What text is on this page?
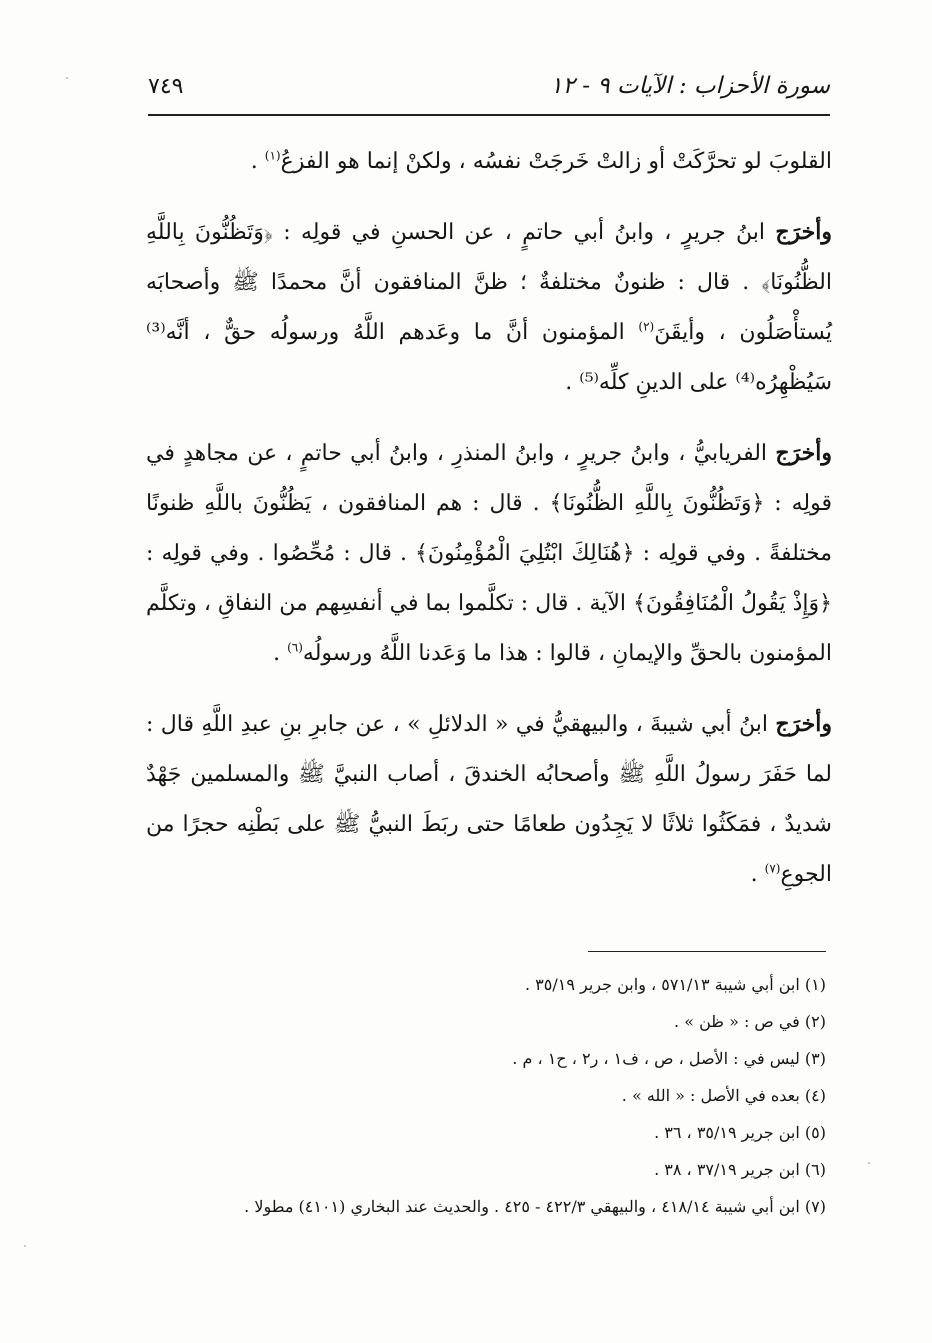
سورة الأحزاب : الآيات ٩ - ١٢
٧٤٩

القلوبَ لو تحرَّكَتْ أو زالتْ خَرجَتْ نفسُه ، ولكنْ إنما هو الفزعُ$^{(١)}$ .

وأخرَج ابنُ جريرٍ ، وابنُ أبي حاتمٍ ، عن الحسنِ في قولِه : ﴿وَتَظُنُّونَ بِاللَّهِ الظُّنُونَا﴾ . قال : ظنونٌ مختلفةٌ ؛ ظنَّ المنافقون أنَّ محمدًا ﷺ وأصحابَه يُستأْصَلُون ، وأيقَنَ$^{(٢)}$ المؤمنون أنَّ ما وعَدهم اللَّهُ ورسولُه حقٌّ ، أنَّه⁽³⁾ سَيُظْهِرُه⁽⁴⁾ على الدينِ كلِّه⁽⁵⁾ .

وأخرَج الفريابيُّ ، وابنُ جريرٍ ، وابنُ المنذرِ ، وابنُ أبي حاتمٍ ، عن مجاهدٍ في قولِه : ﴿وَتَظُنُّونَ بِاللَّهِ الظُّنُونَا﴾ . قال : هم المنافقون ، يَظُنُّونَ باللَّهِ ظنونًا مختلفةً . وفي قولِه : ﴿هُنَالِكَ ابْتُلِيَ الْمُؤْمِنُونَ﴾ . قال : مُحِّصُوا . وفي قولِه : ﴿وَإِذْ يَقُولُ الْمُنَافِقُونَ﴾ الآية . قال : تكلَّموا بما في أنفسِهم من النفاقِ ، وتكلَّم المؤمنون بالحقِّ والإيمانِ ، قالوا : هذا ما وَعَدنا اللَّهُ ورسولُه$^{(٦)}$ .

وأخرَج ابنُ أبي شيبةَ ، والبيهقيُّ في « الدلائلِ » ، عن جابرِ بنِ عبدِ اللَّهِ قال : لما حَفَرَ رسولُ اللَّهِ ﷺ وأصحابُه الخندقَ ، أصاب النبيَّ ﷺ والمسلمين جَهْدٌ شديدٌ ، فمَكَثُوا ثلاثًا لا يَجِدُون طعامًا حتى ربَطَ النبيُّ ﷺ على بَطْنِه حجرًا من الجوعِ$^{(٧)}$ .

(١) ابن أبي شيبة ٥٧١/١٣ ، وابن جرير ٣٥/١٩ .
(٢) في ص : « ظن » .
(٣) ليس في : الأصل ، ص ، ف١ ، ر٢ ، ح١ ، م .
(٤) بعده في الأصل : « الله » .
(٥) ابن جرير ٣٥/١٩ ، ٣٦ .
(٦) ابن جرير ٣٧/١٩ ، ٣٨ .
(٧) ابن أبي شيبة ٤١٨/١٤ ، والبيهقي ٤٢٢/٣ - ٤٢٥ . والحديث عند البخاري (٤١٠١) مطولا .
